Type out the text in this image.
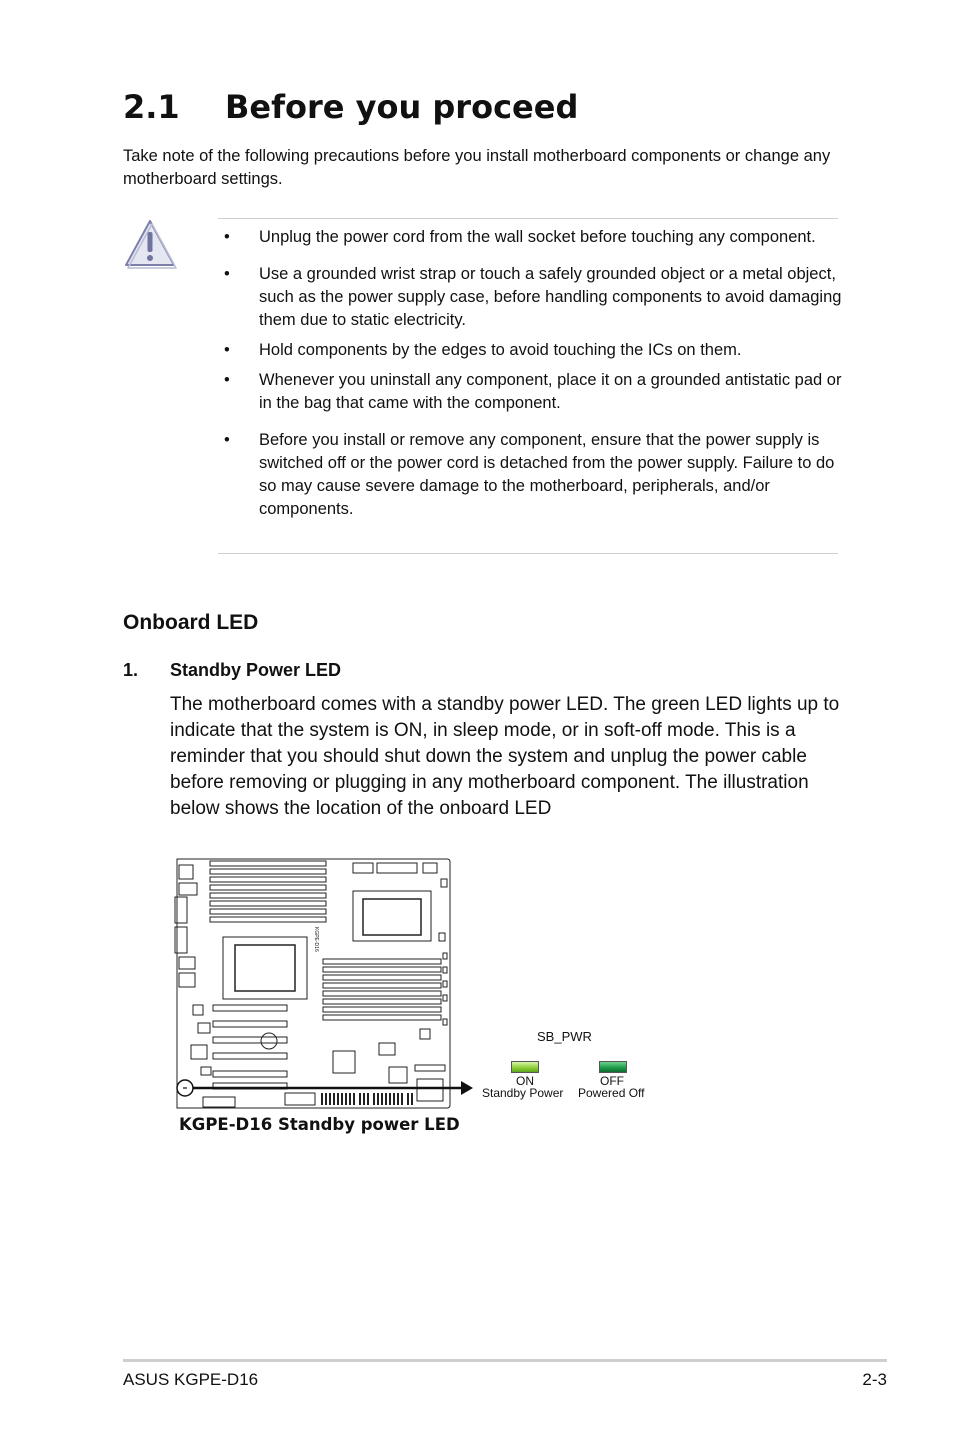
2.1 Before you proceed

Take note of the following precautions before you install motherboard components or change any motherboard settings.

• Unplug the power cord from the wall socket before touching any component.
• Use a grounded wrist strap or touch a safely grounded object or a metal object, such as the power supply case, before handling components to avoid damaging them due to static electricity.
• Hold components by the edges to avoid touching the ICs on them.
• Whenever you uninstall any component, place it on a grounded antistatic pad or in the bag that came with the component.
• Before you install or remove any component, ensure that the power supply is switched off or the power cord is detached from the power supply. Failure to do so may cause severe damage to the motherboard, peripherals, and/or components.
Onboard LED
1. Standby Power LED

The motherboard comes with a standby power LED. The green LED lights up to indicate that the system is ON, in sleep mode, or in soft-off mode. This is a reminder that you should shut down the system and unplug the power cable before removing or plugging in any motherboard component. The illustration below shows the location of the onboard LED

KGPE-D16
SB_PWR
ON	OFF
Standby Power Powered Off
KGPE-D16 Standby power LED
ASUS KGPE-D16	2-3
